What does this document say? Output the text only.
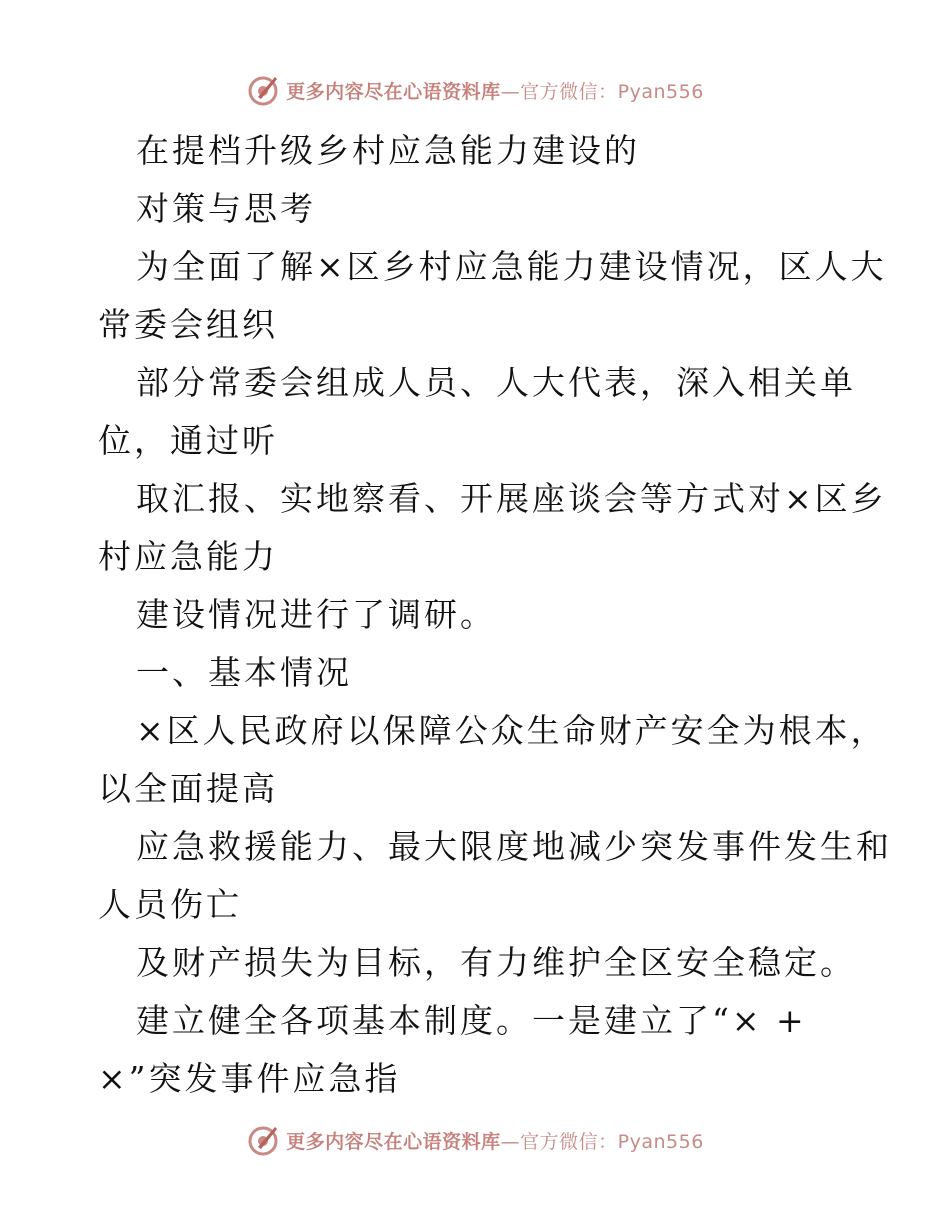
更多内容尽在心语资料库—官方微信：Pyan556
在提档升级乡村应急能力建设的
对策与思考
为全面了解×区乡村应急能力建设情况，区人大
常委会组织
部分常委会组成人员、人大代表，深入相关单
位，通过听
取汇报、实地察看、开展座谈会等方式对×区乡
村应急能力
建设情况进行了调研。
一、基本情况
×区人民政府以保障公众生命财产安全为根本，
以全面提高
应急救援能力、最大限度地减少突发事件发生和
人员伤亡
及财产损失为目标，有力维护全区安全稳定。
建立健全各项基本制度。一是建立了“× +
×”突发事件应急指
更多内容尽在心语资料库—官方微信：Pyan556
